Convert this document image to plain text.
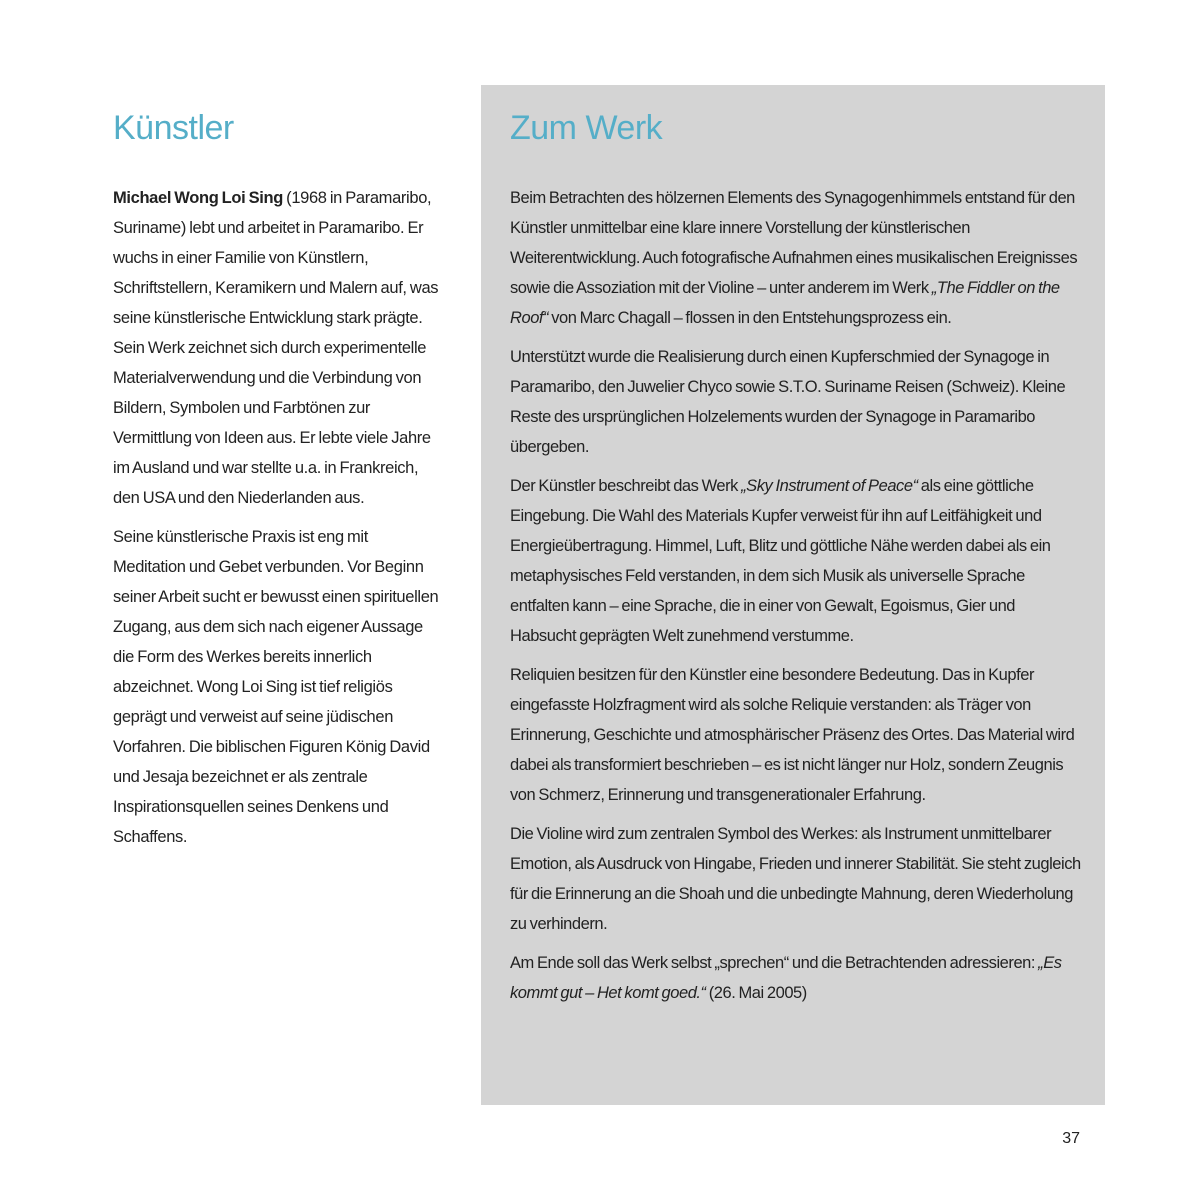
Künstler

Michael Wong Loi Sing (1968 in Paramaribo, Suriname) lebt und arbeitet in Paramaribo. Er wuchs in einer Familie von Künstlern, Schriftstellern, Keramikern und Malern auf, was seine künstlerische Entwicklung stark prägte. Sein Werk zeichnet sich durch experimentelle Materialverwendung und die Verbindung von Bildern, Symbolen und Farbtönen zur Vermittlung von Ideen aus. Er lebte viele Jahre im Ausland und war stellte u.a. in Frankreich, den USA und den Niederlanden aus.

Seine künstlerische Praxis ist eng mit Meditation und Gebet verbunden. Vor Beginn seiner Arbeit sucht er bewusst einen spirituellen Zugang, aus dem sich nach eigener Aussage die Form des Werkes bereits innerlich abzeichnet. Wong Loi Sing ist tief religiös geprägt und verweist auf seine jüdischen Vorfahren. Die biblischen Figuren König David und Jesaja bezeichnet er als zentrale Inspirationsquellen seines Denkens und Schaffens.

Zum Werk

Beim Betrachten des hölzernen Elements des Synagogenhimmels entstand für den Künstler unmittelbar eine klare innere Vorstellung der künstlerischen Weiterentwicklung. Auch fotografische Aufnahmen eines musikalischen Ereignisses sowie die Assoziation mit der Violine – unter anderem im Werk „The Fiddler on the Roof“ von Marc Chagall – flossen in den Entstehungsprozess ein.

Unterstützt wurde die Realisierung durch einen Kupferschmied der Synagoge in Paramaribo, den Juwelier Chyco sowie S.T.O. Suriname Reisen (Schweiz). Kleine Reste des ursprünglichen Holzelements wurden der Synagoge in Paramaribo übergeben.

Der Künstler beschreibt das Werk „Sky Instrument of Peace“ als eine göttliche Eingebung. Die Wahl des Materials Kupfer verweist für ihn auf Leitfähigkeit und Energieübertragung. Himmel, Luft, Blitz und göttliche Nähe werden dabei als ein metaphysisches Feld verstanden, in dem sich Musik als universelle Sprache entfalten kann – eine Sprache, die in einer von Gewalt, Egoismus, Gier und Habsucht geprägten Welt zunehmend verstumme.

Reliquien besitzen für den Künstler eine besondere Bedeutung. Das in Kupfer eingefasste Holzfragment wird als solche Reliquie verstanden: als Träger von Erinnerung, Geschichte und atmosphärischer Präsenz des Ortes. Das Material wird dabei als transformiert beschrieben – es ist nicht länger nur Holz, sondern Zeugnis von Schmerz, Erinnerung und transgenerationaler Erfahrung.

Die Violine wird zum zentralen Symbol des Werkes: als Instrument unmittelbarer Emotion, als Ausdruck von Hingabe, Frieden und innerer Stabilität. Sie steht zugleich für die Erinnerung an die Shoah und die unbedingte Mahnung, deren Wiederholung zu verhindern.

Am Ende soll das Werk selbst „sprechen“ und die Betrachtenden adressieren: „Es kommt gut – Het komt goed.“ (26. Mai 2005)

37
